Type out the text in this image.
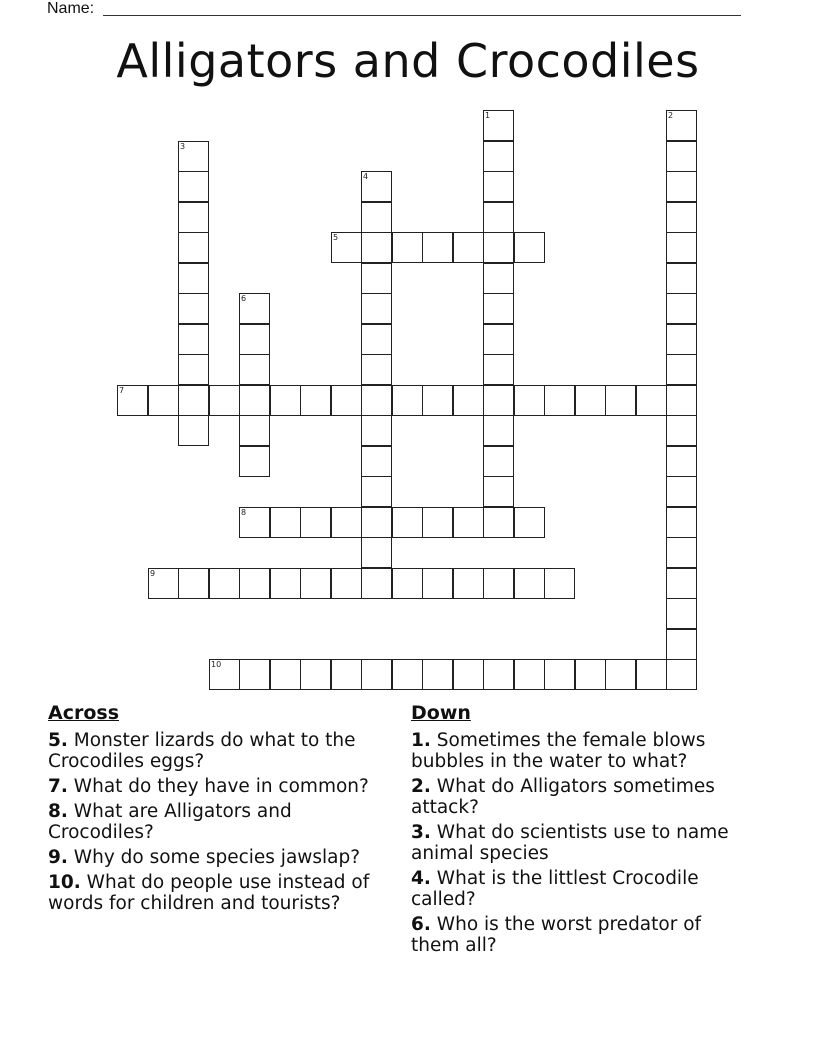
Name:
Alligators and Crocodiles
1	2
3
4
5
6
7
8
9
10
Across
5. Monster lizards do what to the Crocodiles eggs?
7. What do they have in common?
8. What are Alligators and Crocodiles?
9. Why do some species jawslap?
10. What do people use instead of words for children and tourists?
Down
1. Sometimes the female blows bubbles in the water to what?
2. What do Alligators sometimes attack?
3. What do scientists use to name animal species
4. What is the littlest Crocodile called?
6. Who is the worst predator of them all?
